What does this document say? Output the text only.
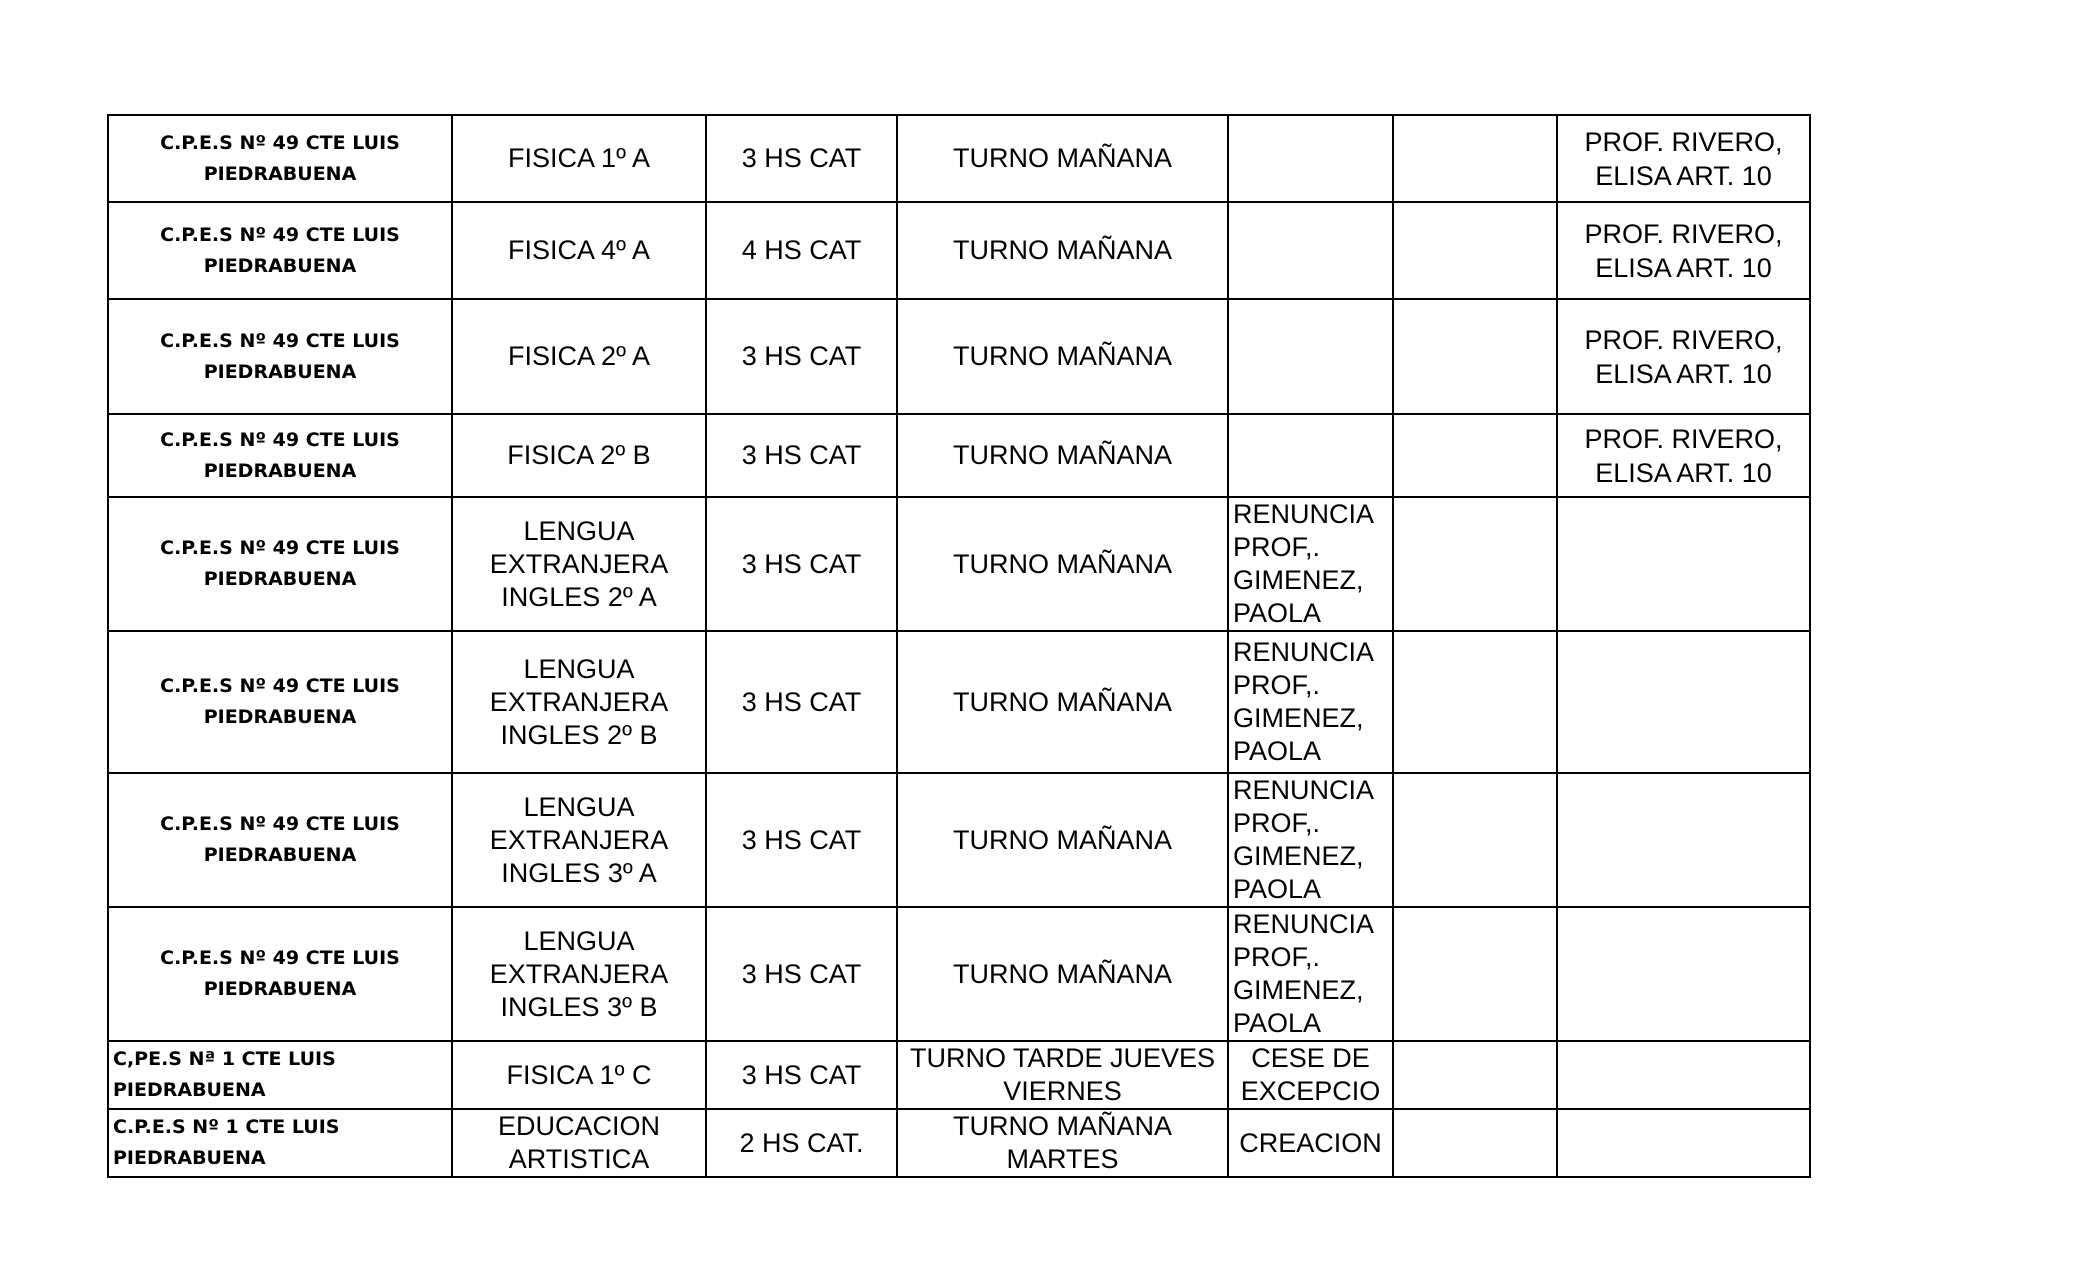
C.P.E.S Nº 49 CTE LUIS
PIEDRABUENA	FISICA 1º A	3 HS CAT	TURNO MAÑANA			PROF. RIVERO,
ELISA ART. 10

C.P.E.S Nº 49 CTE LUIS
PIEDRABUENA	FISICA 4º A	4 HS CAT	TURNO MAÑANA			PROF. RIVERO,
ELISA ART. 10

C.P.E.S Nº 49 CTE LUIS
PIEDRABUENA	FISICA 2º A	3 HS CAT	TURNO MAÑANA			PROF. RIVERO,
ELISA ART. 10

C.P.E.S Nº 49 CTE LUIS
PIEDRABUENA	FISICA 2º B	3 HS CAT	TURNO MAÑANA			PROF. RIVERO,
ELISA ART. 10

C.P.E.S Nº 49 CTE LUIS
PIEDRABUENA	LENGUA
EXTRANJERA
INGLES 2º A	3 HS CAT	TURNO MAÑANA	RENUNCIA
PROF,.
GIMENEZ,
PAOLA		

C.P.E.S Nº 49 CTE LUIS
PIEDRABUENA	LENGUA
EXTRANJERA
INGLES 2º B	3 HS CAT	TURNO MAÑANA	RENUNCIA
PROF,.
GIMENEZ,
PAOLA		

C.P.E.S Nº 49 CTE LUIS
PIEDRABUENA	LENGUA
EXTRANJERA
INGLES 3º A	3 HS CAT	TURNO MAÑANA	RENUNCIA
PROF,.
GIMENEZ,
PAOLA		

C.P.E.S Nº 49 CTE LUIS
PIEDRABUENA	LENGUA
EXTRANJERA
INGLES 3º B	3 HS CAT	TURNO MAÑANA	RENUNCIA
PROF,.
GIMENEZ,
PAOLA		

C,PE.S Nª 1 CTE LUIS
PIEDRABUENA	FISICA 1º C	3 HS CAT	TURNO TARDE JUEVES
VIERNES	CESE DE
EXCEPCIO		

C.P.E.S Nº 1 CTE LUIS
PIEDRABUENA	EDUCACION
ARTISTICA	2 HS CAT.	TURNO MAÑANA
MARTES	CREACION		
